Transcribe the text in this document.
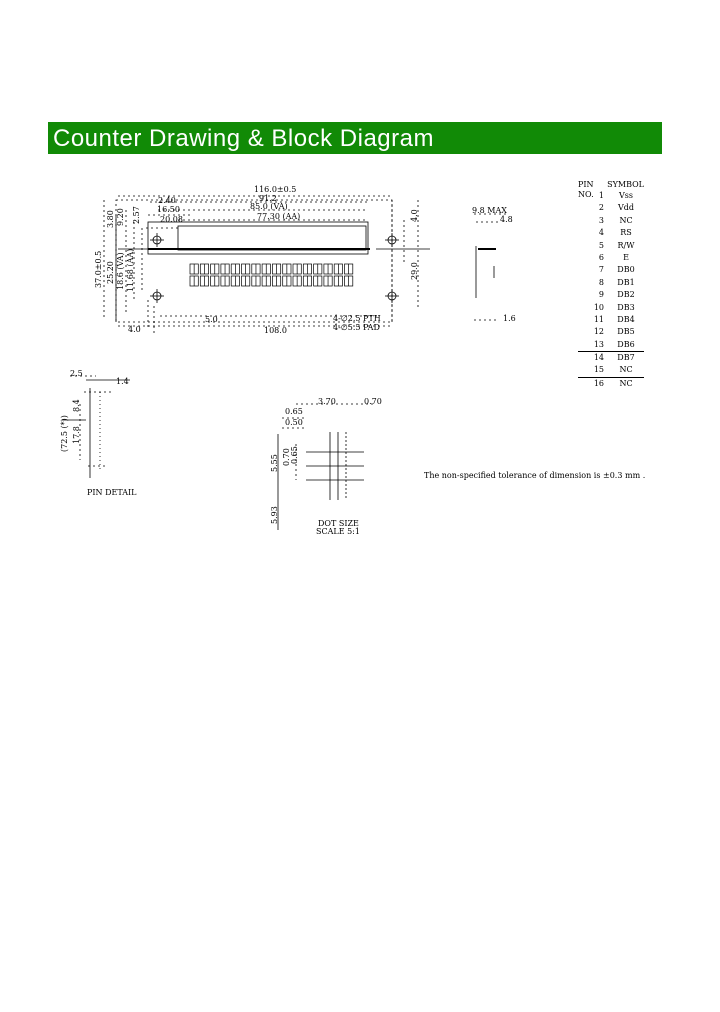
Counter Drawing & Block Diagram
116.0±0.5
91.2
85.0 (VA)
77.30 (AA)
2.40
16.50
20.08
3.80 9.20 2.57
37.0±0.5 25.20 18.6 (VA) 11.68 (AA)
4.0
29.0
4.0
5.0
108.0
4-∅2.5 PTH
4-∅5.5 PAD
9.8 MAX
4.8
1.6
PIN NO.
SYMBOL
1	Vss
2	Vdd
3	NC
4	RS
5	R/W
6	E
7	DB0
8	DB1
9	DB2
10	DB3
11	DB4
12	DB5
13	DB6
14	DB7
15	NC
16	NC
2.5
1.4
8.4
17.8
(72.5 (*))
PIN DETAIL
3.70	0.70
0.65
0.50
5.55 0.70 0.65
5.93	DOT SIZE
SCALE 5:1
The non-specified tolerance of dimension is ±0.3 mm .
